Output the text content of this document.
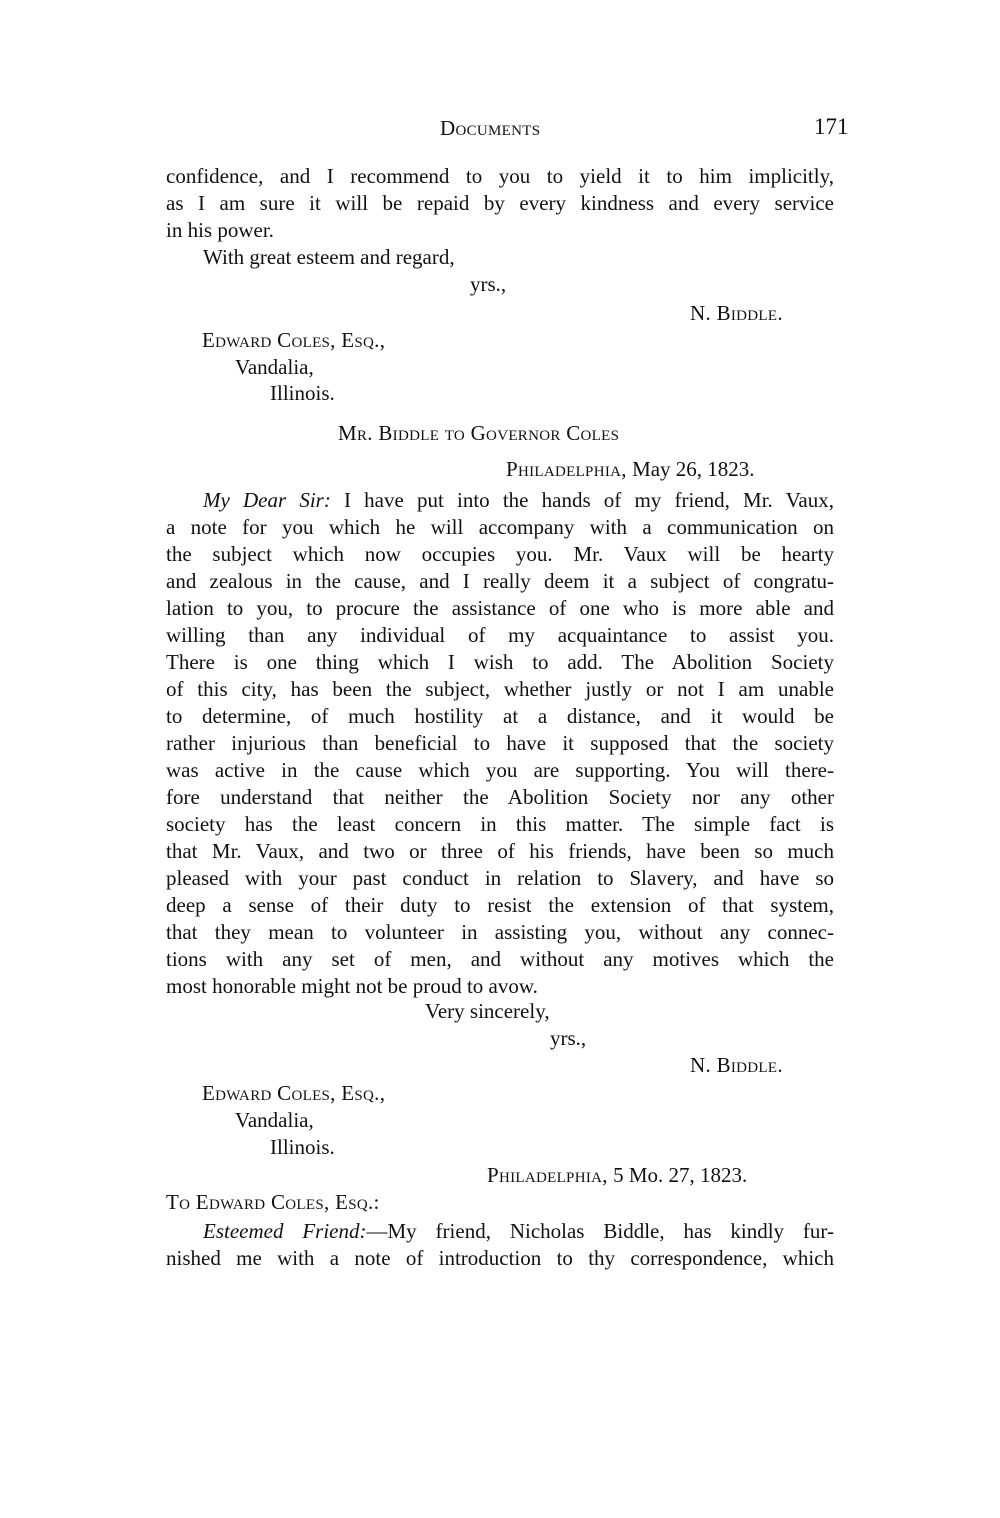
Documents	171
confidence, and I recommend to you to yield it to him implicitly,
as I am sure it will be repaid by every kindness and every service
in his power.
With great esteem and regard,
yrs.,
N. Biddle.
Edward Coles, Esq.,
Vandalia,
Illinois.
Mr. Biddle to Governor Coles
Philadelphia, May 26, 1823.
My Dear Sir: I have put into the hands of my friend, Mr. Vaux,
a note for you which he will accompany with a communication on
the subject which now occupies you. Mr. Vaux will be hearty
and zealous in the cause, and I really deem it a subject of congratu-
lation to you, to procure the assistance of one who is more able and
willing than any individual of my acquaintance to assist you.
There is one thing which I wish to add. The Abolition Society
of this city, has been the subject, whether justly or not I am unable
to determine, of much hostility at a distance, and it would be
rather injurious than beneficial to have it supposed that the society
was active in the cause which you are supporting. You will there-
fore understand that neither the Abolition Society nor any other
society has the least concern in this matter. The simple fact is
that Mr. Vaux, and two or three of his friends, have been so much
pleased with your past conduct in relation to Slavery, and have so
deep a sense of their duty to resist the extension of that system,
that they mean to volunteer in assisting you, without any connec-
tions with any set of men, and without any motives which the
most honorable might not be proud to avow.
Very sincerely,
yrs.,
N. Biddle.
Edward Coles, Esq.,
Vandalia,
Illinois.
Philadelphia, 5 Mo. 27, 1823.
To Edward Coles, Esq.:
Esteemed Friend:—My friend, Nicholas Biddle, has kindly fur-
nished me with a note of introduction to thy correspondence, which
